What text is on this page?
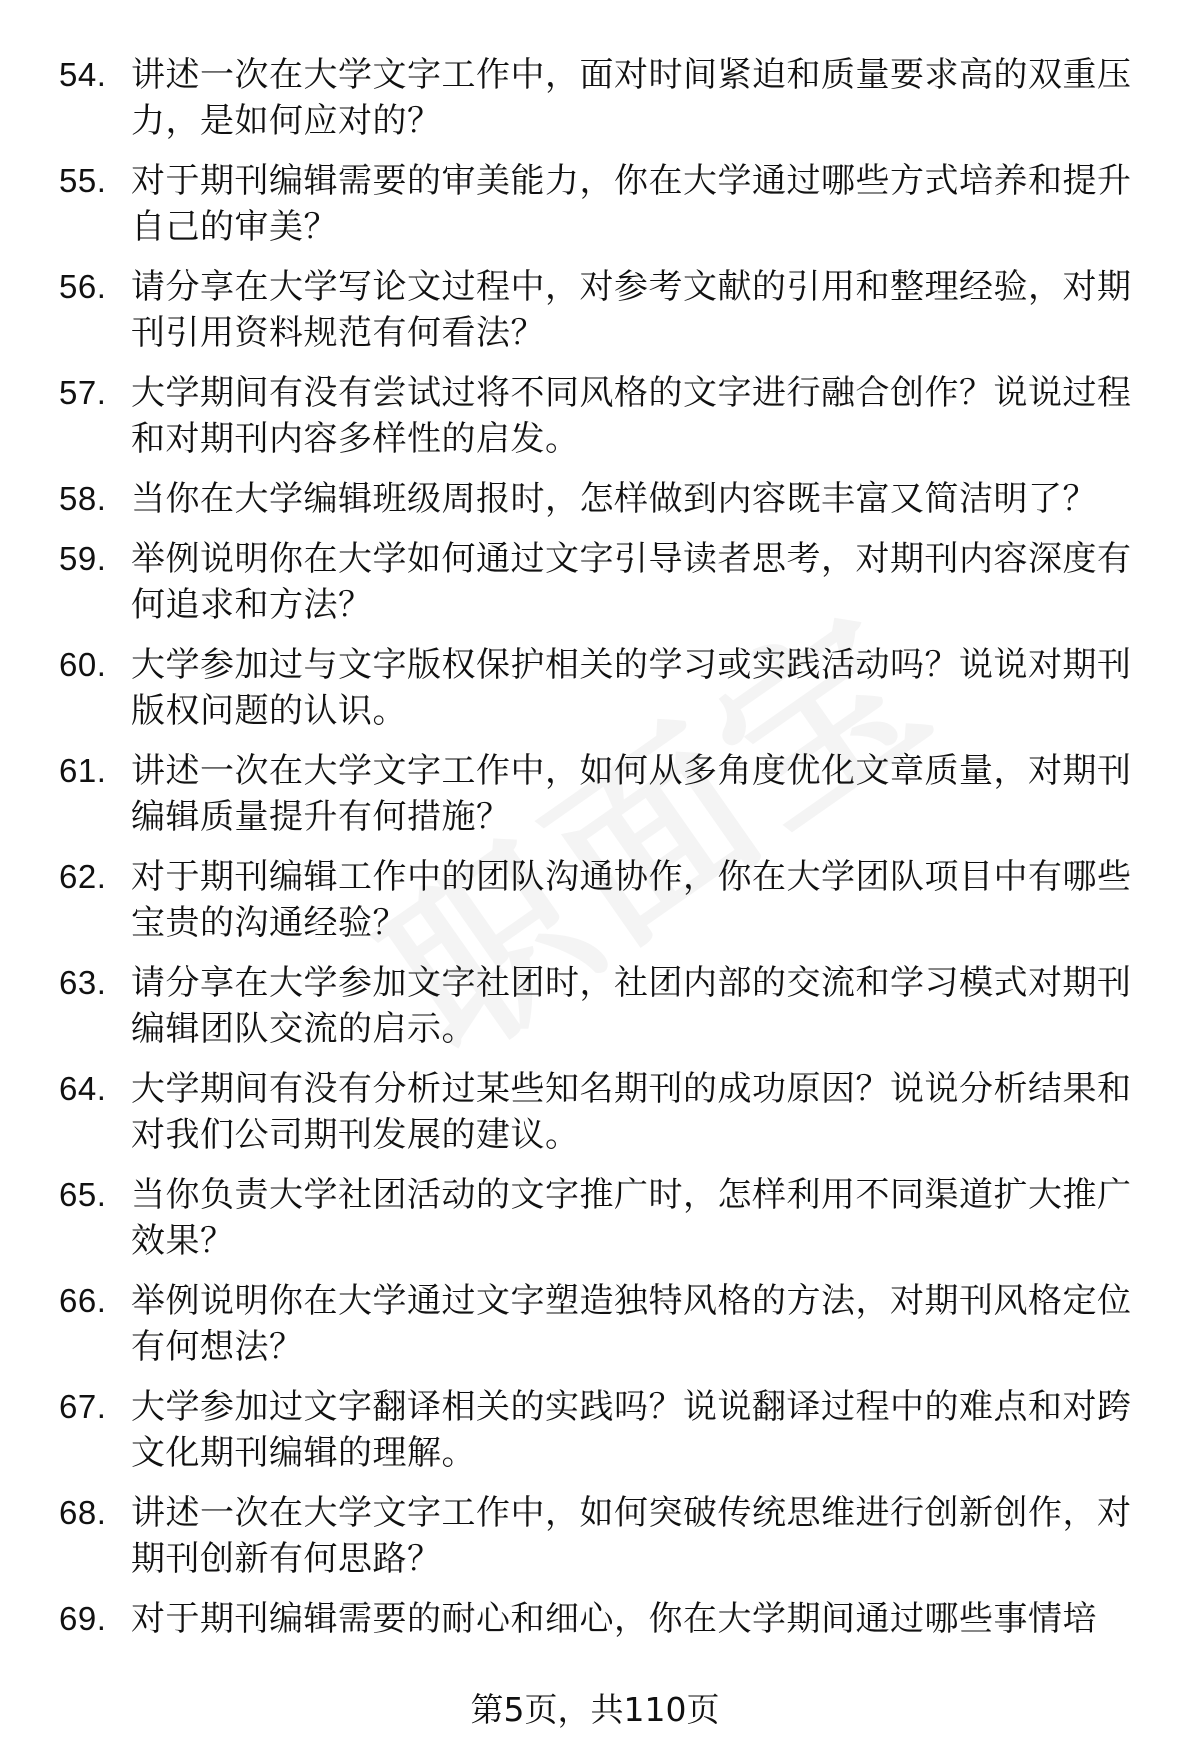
54. 讲述一次在大学文字工作中，面对时间紧迫和质量要求高的双重压力，是如何应对的？
55. 对于期刊编辑需要的审美能力，你在大学通过哪些方式培养和提升自己的审美？
56. 请分享在大学写论文过程中，对参考文献的引用和整理经验，对期刊引用资料规范有何看法？
57. 大学期间有没有尝试过将不同风格的文字进行融合创作？说说过程和对期刊内容多样性的启发。
58. 当你在大学编辑班级周报时，怎样做到内容既丰富又简洁明了？
59. 举例说明你在大学如何通过文字引导读者思考，对期刊内容深度有何追求和方法？
60. 大学参加过与文字版权保护相关的学习或实践活动吗？说说对期刊版权问题的认识。
61. 讲述一次在大学文字工作中，如何从多角度优化文章质量，对期刊编辑质量提升有何措施？
62. 对于期刊编辑工作中的团队沟通协作，你在大学团队项目中有哪些宝贵的沟通经验？
63. 请分享在大学参加文字社团时，社团内部的交流和学习模式对期刊编辑团队交流的启示。
64. 大学期间有没有分析过某些知名期刊的成功原因？说说分析结果和对我们公司期刊发展的建议。
65. 当你负责大学社团活动的文字推广时，怎样利用不同渠道扩大推广效果？
66. 举例说明你在大学通过文字塑造独特风格的方法，对期刊风格定位有何想法？
67. 大学参加过文字翻译相关的实践吗？说说翻译过程中的难点和对跨文化期刊编辑的理解。
68. 讲述一次在大学文字工作中，如何突破传统思维进行创新创作，对期刊创新有何思路？
69. 对于期刊编辑需要的耐心和细心，你在大学期间通过哪些事情培
第5页，共110页
